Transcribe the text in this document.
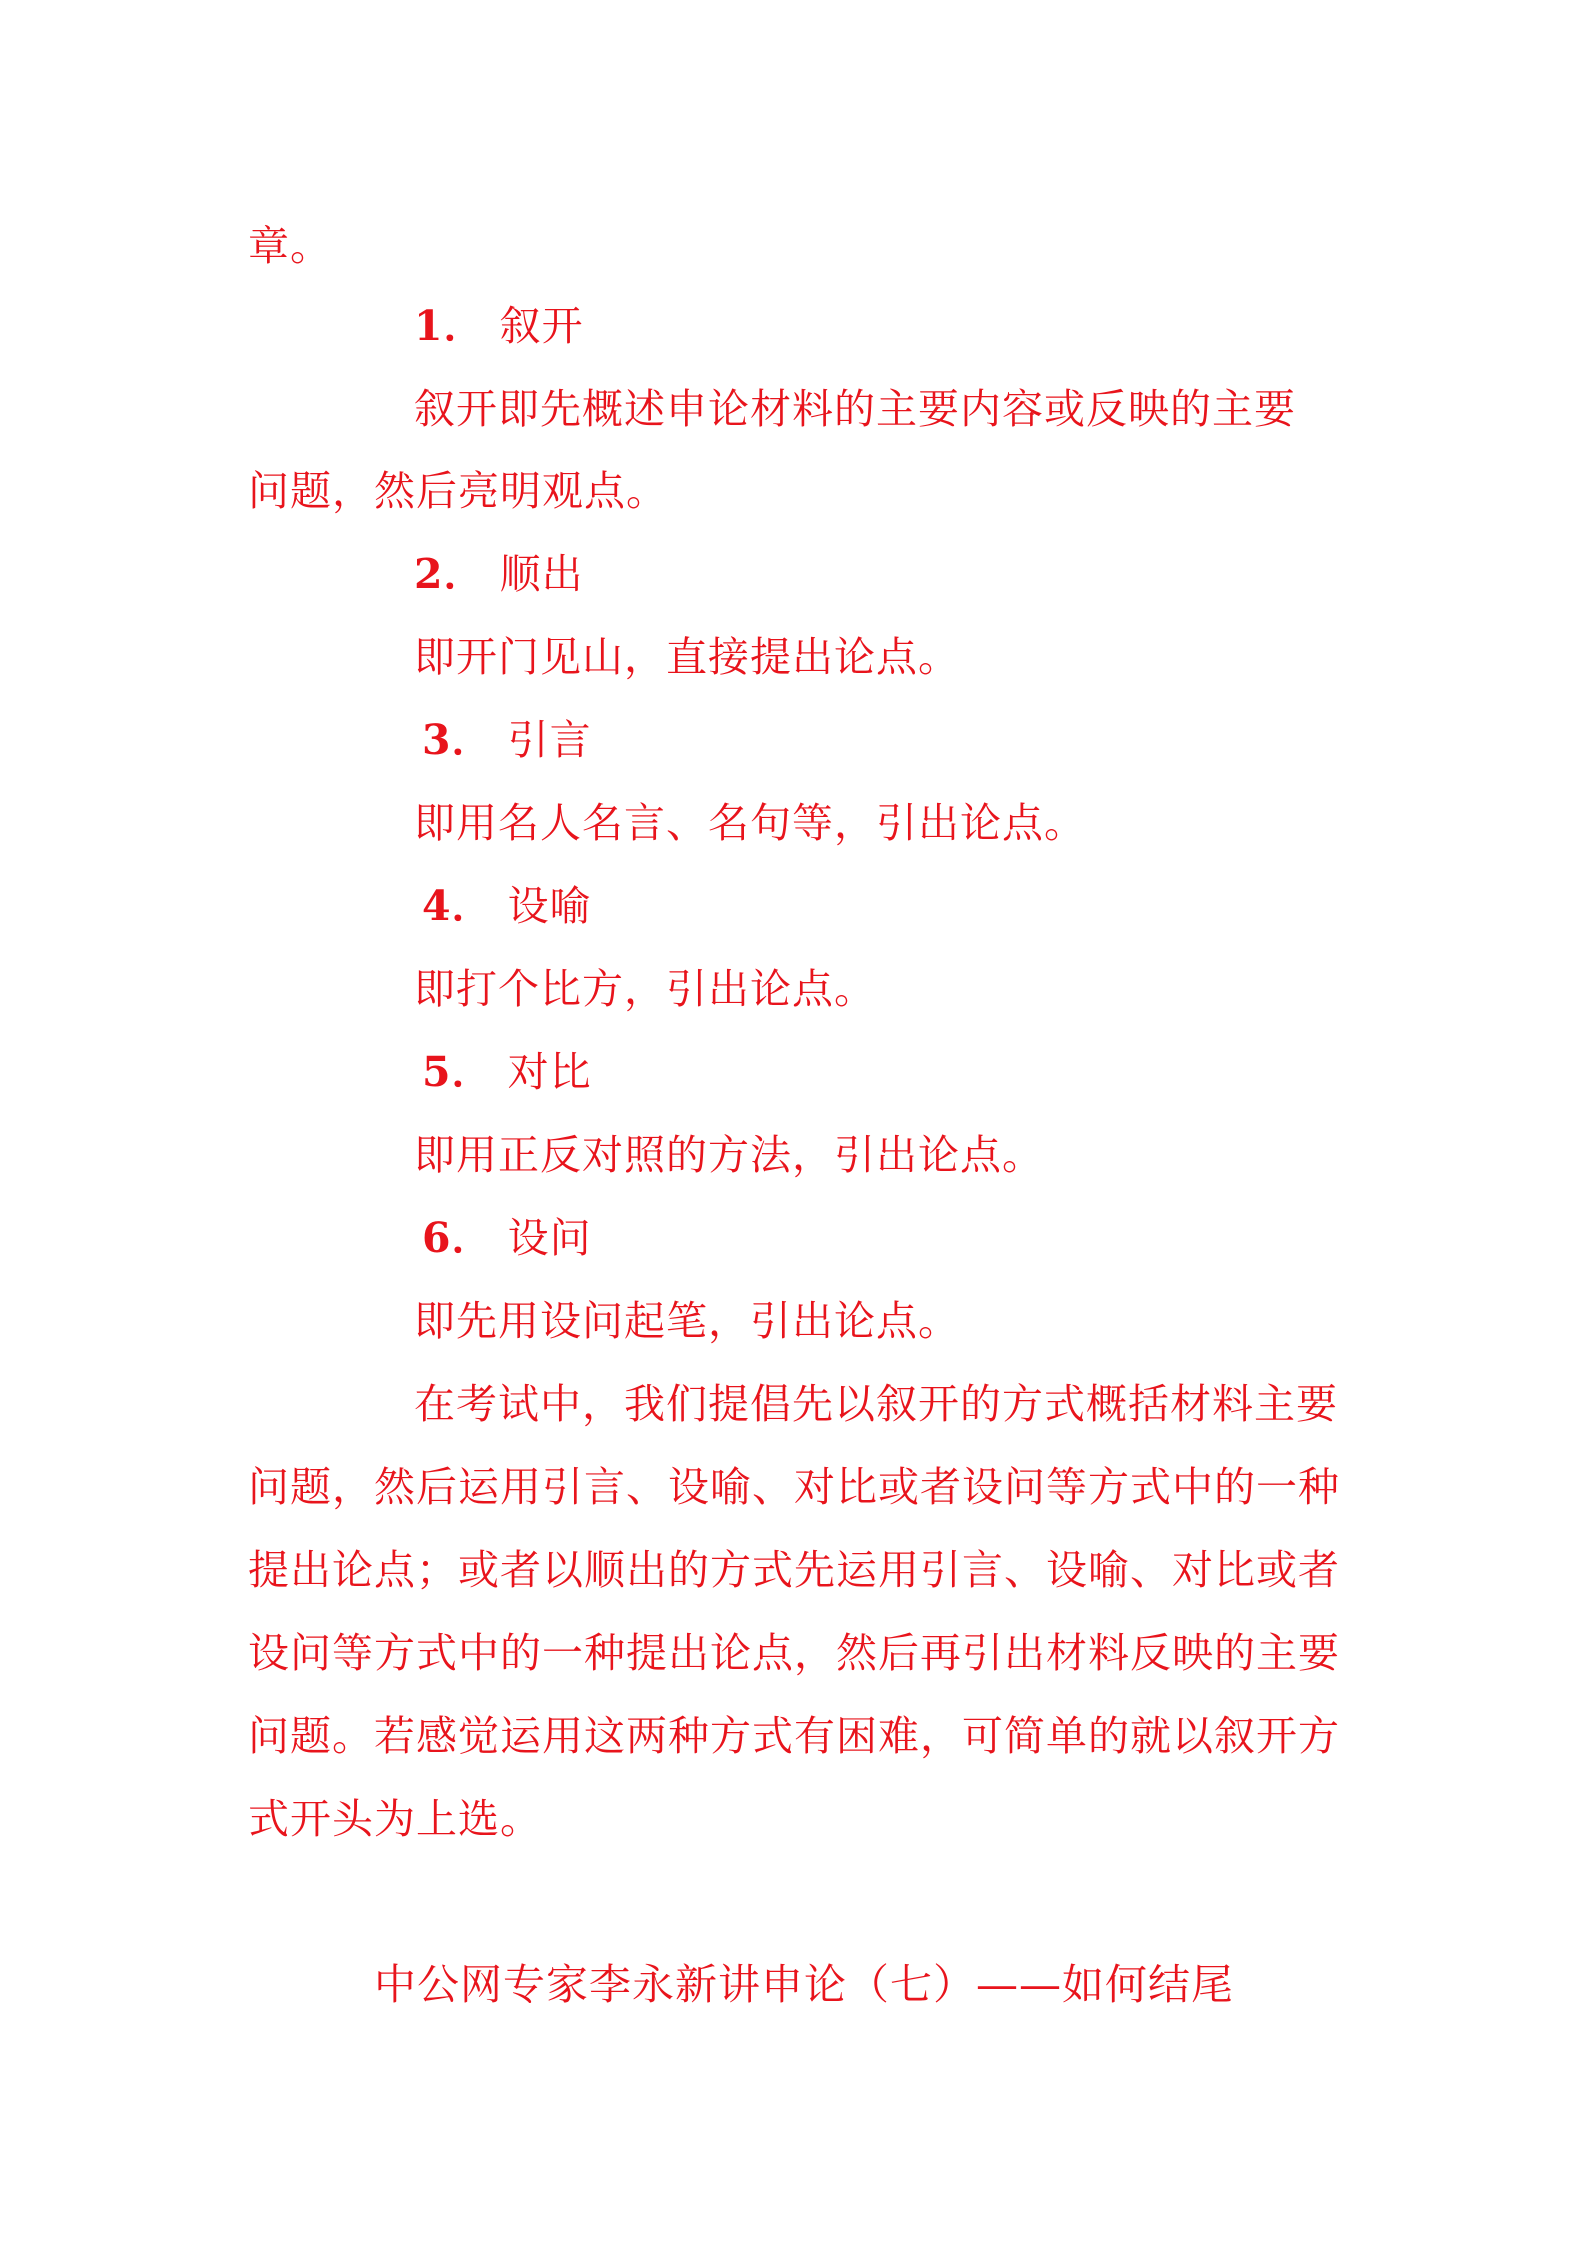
章。
1． 叙开
叙开即先概述申论材料的主要内容或反映的主要
问题，然后亮明观点。
2． 顺出
即开门见山，直接提出论点。
3． 引言
即用名人名言、名句等，引出论点。
4． 设喻
即打个比方，引出论点。
5． 对比
即用正反对照的方法，引出论点。
6． 设问
即先用设问起笔，引出论点。
在考试中，我们提倡先以叙开的方式概括材料主要
问题，然后运用引言、设喻、对比或者设问等方式中的一种
提出论点；或者以顺出的方式先运用引言、设喻、对比或者
设问等方式中的一种提出论点，然后再引出材料反映的主要
问题。若感觉运用这两种方式有困难，可简单的就以叙开方
式开头为上选。
中公网专家李永新讲申论（七）——如何结尾
